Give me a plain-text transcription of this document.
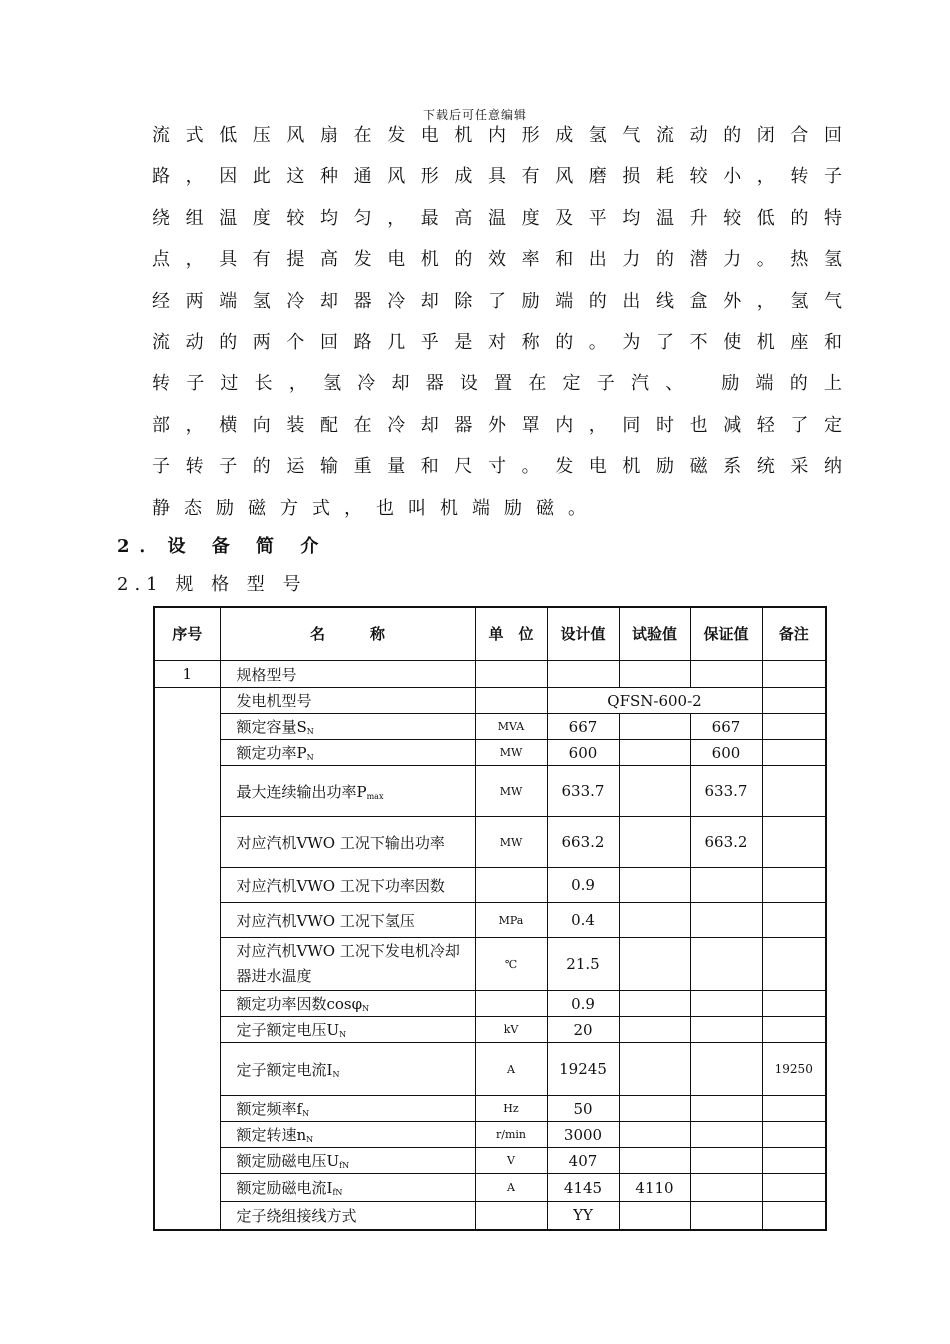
下载后可任意编辑
流式低压风扇在发电机内形成氢气流动的闭合回
路，因此这种通风形成具有风磨损耗较小，转子
绕组温度较均匀，最高温度及平均温升较低的特
点，具有提高发电机的效率和出力的潜力。热氢
经两端氢冷却器冷却除了励端的出线盒外，氢气
流动的两个回路几乎是对称的。为了不使机座和
转子过长，氢冷却器设置在定子汽、 励端的上
部，横向装配在冷却器外罩内，同时也减轻了定
子转子的运输重量和尺寸。发电机励磁系统采纳
静态励磁方式，也叫机端励磁。
2．设 备 简 介
2.1 规 格 型 号
序号	名　　　称	单　位	设计值	试验值	保证值	备注
1	规格型号					
	发电机型号		QFSN-600-2			
	额定容量$S_N$	MVA	667		667	
	额定功率$P_N$	MW	600		600	
	最大连续输出功率$P_{max}$	MW	633.7		633.7	
	对应汽机VWO 工况下输出功率	MW	663.2		663.2	
	对应汽机VWO 工况下功率因数		0.9			
	对应汽机VWO 工况下氢压	MPa	0.4			
	对应汽机VWO 工况下发电机冷却器进水温度	℃	21.5			
	额定功率因数cosφ$_N$		0.9			
	定子额定电压$U_N$	kV	20			
	定子额定电流$I_N$	A	19245			19250
	额定频率$f_N$	Hz	50			
	额定转速$n_N$	r/min	3000			
	额定励磁电压$U_{fN}$	V	407			
	额定励磁电流$I_{fN}$	A	4145	4110		
	定子绕组接线方式		YY			
